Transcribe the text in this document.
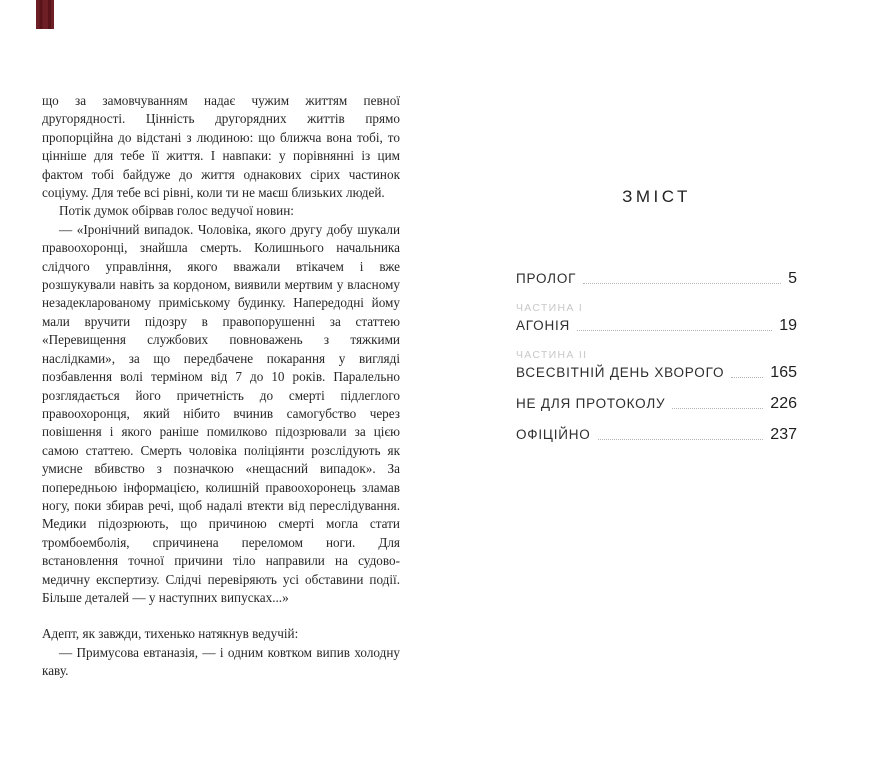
що за замовчуванням надає чужим життям певної другорядності. Цінність другорядних життів прямо пропорційна до відстані з людиною: що ближча вона тобі, то цінніше для тебе її життя. І навпаки: у порівнянні із цим фактом тобі байдуже до життя однакових сірих частинок соціуму. Для тебе всі рівні, коли ти не маєш близьких людей.
Потік думок обірвав голос ведучої новин:
— «Іронічний випадок. Чоловіка, якого другу добу шукали правоохоронці, знайшла смерть. Колишнього начальника слідчого управління, якого вважали втікачем і вже розшукували навіть за кордоном, виявили мертвим у власному незадекларованому приміському будинку. Напередодні йому мали вручити підозру в правопорушенні за статтею «Перевищення службових повноважень з тяжкими наслідками», за що передбачене покарання у вигляді позбавлення волі терміном від 7 до 10 років. Паралельно розглядається його причетність до смерті підлеглого правоохоронця, який нібито вчинив самогубство через повішення і якого раніше помилково підозрювали за цією самою статтею. Смерть чоловіка поліціянти розслідують як умисне вбивство з позначкою «нещасний випадок». За попередньою інформацією, колишній правоохоронець зламав ногу, поки збирав речі, щоб надалі втекти від переслідування. Медики підозрюють, що причиною смерті могла стати тромбоемболія, спричинена переломом ноги. Для встановлення точної причини тіло направили на судово-медичну експертизу. Слідчі перевіряють усі обставини події. Більше деталей — у наступних випусках...»
Адепт, як завжди, тихенько натякнув ведучій:
— Примусова евтаназія, — і одним ковтком випив холодну каву.
ЗМІСТ
ПРОЛОГ	5
ЧАСТИНА І
АГОНІЯ	19
ЧАСТИНА ІІ
ВСЕСВІТНІЙ ДЕНЬ ХВОРОГО	165
НЕ ДЛЯ ПРОТОКОЛУ	226
ОФІЦІЙНО	237
